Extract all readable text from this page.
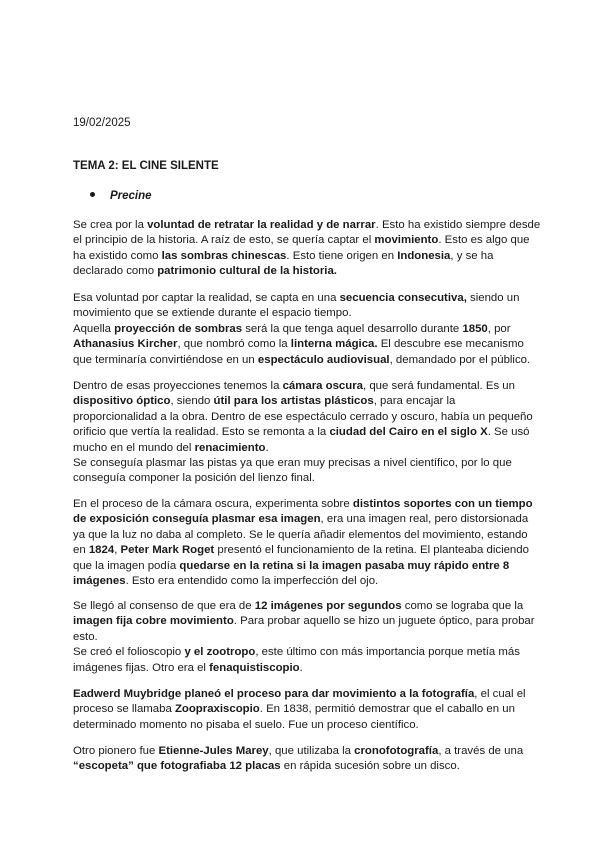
19/02/2025
TEMA 2: EL CINE SILENTE
Precine
Se crea por la voluntad de retratar la realidad y de narrar. Esto ha existido siempre desde
el principio de la historia. A raíz de esto, se quería captar el movimiento. Esto es algo que
ha existido como las sombras chinescas. Esto tiene origen en Indonesia, y se ha
declarado como patrimonio cultural de la historia.
Esa voluntad por captar la realidad, se capta en una secuencia consecutiva, siendo un
movimiento que se extiende durante el espacio tiempo.
Aquella proyección de sombras será la que tenga aquel desarrollo durante 1850, por
Athanasius Kircher, que nombró como la linterna mágica. El descubre ese mecanismo
que terminaría convirtiéndose en un espectáculo audiovisual, demandado por el público.
Dentro de esas proyecciones tenemos la cámara oscura, que será fundamental. Es un
dispositivo óptico, siendo útil para los artistas plásticos, para encajar la
proporcionalidad a la obra. Dentro de ese espectáculo cerrado y oscuro, había un pequeño
orificio que vertía la realidad. Esto se remonta a la ciudad del Cairo en el siglo X. Se usó
mucho en el mundo del renacimiento.
Se conseguía plasmar las pistas ya que eran muy precisas a nivel científico, por lo que
conseguía componer la posición del lienzo final.
En el proceso de la cámara oscura, experimenta sobre distintos soportes con un tiempo
de exposición conseguía plasmar esa imagen, era una imagen real, pero distorsionada
ya que la luz no daba al completo. Se le quería añadir elementos del movimiento, estando
en 1824, Peter Mark Roget presentó el funcionamiento de la retina. El planteaba diciendo
que la imagen podía quedarse en la retina si la imagen pasaba muy rápido entre 8
imágenes. Esto era entendido como la imperfección del ojo.
Se llegó al consenso de que era de 12 imágenes por segundos como se lograba que la
imagen fija cobre movimiento. Para probar aquello se hizo un juguete óptico, para probar
esto.
Se creó el folioscopio y el zootropo, este último con más importancia porque metía más
imágenes fijas. Otro era el fenaquistiscopio.
Eadwerd Muybridge planeó el proceso para dar movimiento a la fotografía, el cual el
proceso se llamaba Zoopraxiscopio. En 1838, permitió demostrar que el caballo en un
determinado momento no pisaba el suelo. Fue un proceso científico.
Otro pionero fue Etienne-Jules Marey, que utilizaba la cronofotografía, a través de una
“escopeta” que fotografiaba 12 placas en rápida sucesión sobre un disco.
